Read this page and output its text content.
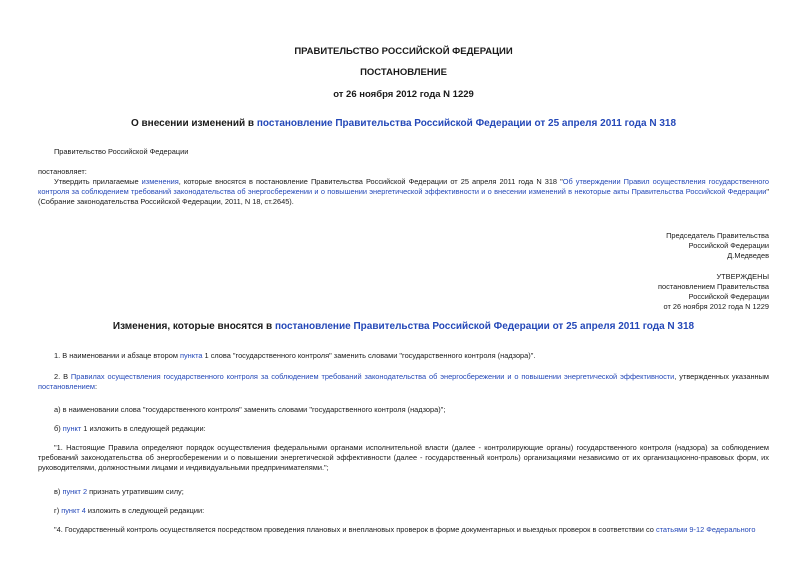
ПРАВИТЕЛЬСТВО РОССИЙСКОЙ ФЕДЕРАЦИИ
ПОСТАНОВЛЕНИЕ
от 26 ноября 2012 года N 1229
О внесении изменений в постановление Правительства Российской Федерации от 25 апреля 2011 года N 318
Правительство Российской Федерации
постановляет:
Утвердить прилагаемые изменения, которые вносятся в постановление Правительства Российской Федерации от 25 апреля 2011 года N 318 "Об утверждении Правил осуществления государственного контроля за соблюдением требований законодательства об энергосбережении и о повышении энергетической эффективности и о внесении изменений в некоторые акты Правительства Российской Федерации" (Собрание законодательства Российской Федерации, 2011, N 18, ст.2645).
Председатель Правительства
Российской Федерации
Д.Медведев
УТВЕРЖДЕНЫ
постановлением Правительства
Российской Федерации
от 26 ноября 2012 года N 1229
Изменения, которые вносятся в постановление Правительства Российской Федерации от 25 апреля 2011 года N 318
1. В наименовании и абзаце втором пункта 1 слова "государственного контроля" заменить словами "государственного контроля (надзора)".
2. В Правилах осуществления государственного контроля за соблюдением требований законодательства об энергосбережении и о повышении энергетической эффективности, утвержденных указанным постановлением:
а) в наименовании слова "государственного контроля" заменить словами "государственного контроля (надзора)";
б) пункт 1 изложить в следующей редакции:
"1. Настоящие Правила определяют порядок осуществления федеральными органами исполнительной власти (далее - контролирующие органы) государственного контроля (надзора) за соблюдением требований законодательства об энергосбережении и о повышении энергетической эффективности (далее - государственный контроль) организациями независимо от их организационно-правовых форм, их руководителями, должностными лицами и индивидуальными предпринимателями.";
в) пункт 2 признать утратившим силу;
г) пункт 4 изложить в следующей редакции:
"4. Государственный контроль осуществляется посредством проведения плановых и внеплановых проверок в форме документарных и выездных проверок в соответствии со статьями 9-12 Федерального
